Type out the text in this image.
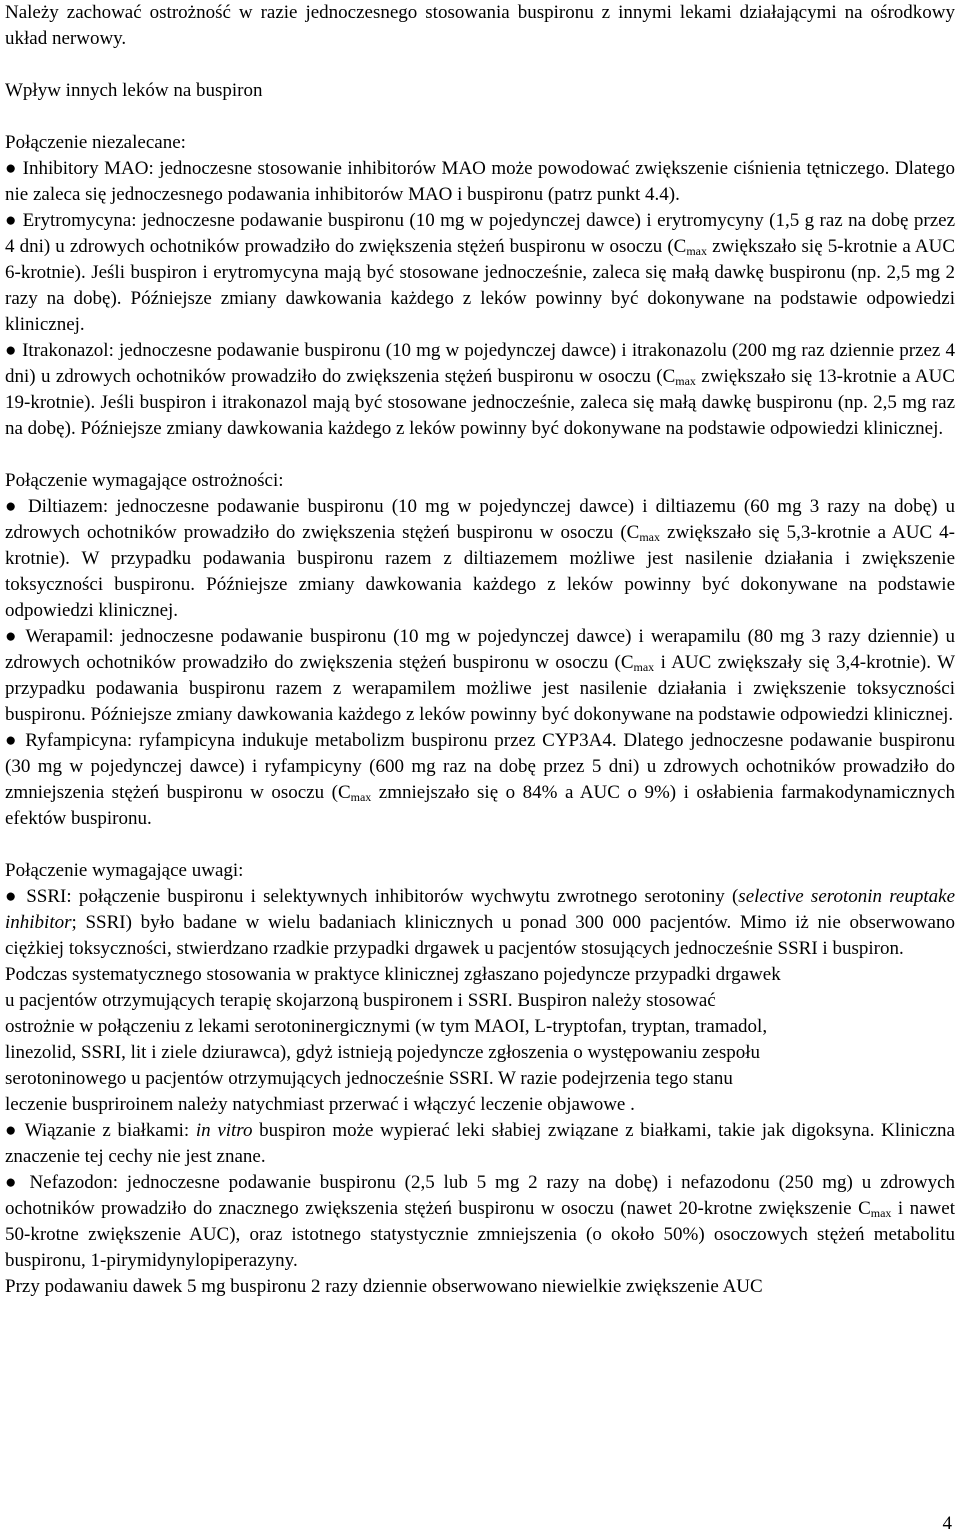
Należy zachować ostrożność w razie jednoczesnego stosowania buspironu z innymi lekami działającymi na ośrodkowy układ nerwowy.

Wpływ innych leków na buspiron

Połączenie niezalecane:

● Inhibitory MAO: jednoczesne stosowanie inhibitorów MAO może powodować zwiększenie ciśnienia tętniczego. Dlatego nie zaleca się jednoczesnego podawania inhibitorów MAO i buspironu (patrz punkt 4.4).

● Erytromycyna: jednoczesne podawanie buspironu (10 mg w pojedynczej dawce) i erytromycyny (1,5 g raz na dobę przez 4 dni) u zdrowych ochotników prowadziło do zwiększenia stężeń buspironu w osoczu ($C_{max}$ zwiększało się 5-krotnie a AUC 6-krotnie). Jeśli buspiron i erytromycyna mają być stosowane jednocześnie, zaleca się małą dawkę buspironu (np. 2,5 mg 2 razy na dobę). Późniejsze zmiany dawkowania każdego z leków powinny być dokonywane na podstawie odpowiedzi klinicznej.

● Itrakonazol: jednoczesne podawanie buspironu (10 mg w pojedynczej dawce) i itrakonazolu (200 mg raz dziennie przez 4 dni) u zdrowych ochotników prowadziło do zwiększenia stężeń buspironu w osoczu ($C_{max}$ zwiększało się 13-krotnie a AUC 19-krotnie). Jeśli buspiron i itrakonazol mają być stosowane jednocześnie, zaleca się małą dawkę buspironu (np. 2,5 mg raz na dobę). Późniejsze zmiany dawkowania każdego z leków powinny być dokonywane na podstawie odpowiedzi klinicznej.

Połączenie wymagające ostrożności:

● Diltiazem: jednoczesne podawanie buspironu (10 mg w pojedynczej dawce) i diltiazemu (60 mg 3 razy na dobę) u zdrowych ochotników prowadziło do zwiększenia stężeń buspironu w osoczu ($C_{max}$ zwiększało się 5,3-krotnie a AUC 4-krotnie). W przypadku podawania buspironu razem z diltiazemem możliwe jest nasilenie działania i zwiększenie toksyczności buspironu. Późniejsze zmiany dawkowania każdego z leków powinny być dokonywane na podstawie odpowiedzi klinicznej.

● Werapamil: jednoczesne podawanie buspironu (10 mg w pojedynczej dawce) i werapamilu (80 mg 3 razy dziennie) u zdrowych ochotników prowadziło do zwiększenia stężeń buspironu w osoczu ($C_{max}$ i AUC zwiększały się 3,4-krotnie). W przypadku podawania buspironu razem z werapamilem możliwe jest nasilenie działania i zwiększenie toksyczności buspironu. Późniejsze zmiany dawkowania każdego z leków powinny być dokonywane na podstawie odpowiedzi klinicznej.

● Ryfampicyna: ryfampicyna indukuje metabolizm buspironu przez CYP3A4. Dlatego jednoczesne podawanie buspironu (30 mg w pojedynczej dawce) i ryfampicyny (600 mg raz na dobę przez 5 dni) u zdrowych ochotników prowadziło do zmniejszenia stężeń buspironu w osoczu ($C_{max}$ zmniejszało się o 84% a AUC o 9%) i osłabienia farmakodynamicznych efektów buspironu.

Połączenie wymagające uwagi:

● SSRI: połączenie buspironu i selektywnych inhibitorów wychwytu zwrotnego serotoniny (selective serotonin reuptake inhibitor; SSRI) było badane w wielu badaniach klinicznych u ponad 300 000 pacjentów. Mimo iż nie obserwowano ciężkiej toksyczności, stwierdzano rzadkie przypadki drgawek u pacjentów stosujących jednocześnie SSRI i buspiron.

Podczas systematycznego stosowania w praktyce klinicznej zgłaszano pojedyncze przypadki drgawek

u pacjentów otrzymujących terapię skojarzoną buspironem i SSRI. Buspiron należy stosować

ostrożnie w połączeniu z lekami serotoninergicznymi (w tym MAOI, L-tryptofan, tryptan, tramadol,

linezolid, SSRI, lit i ziele dziurawca), gdyż istnieją pojedyncze zgłoszenia o występowaniu zespołu

serotoninowego u pacjentów otrzymujących jednocześnie SSRI. W razie podejrzenia tego stanu

leczenie buspriroinem należy natychmiast przerwać i włączyć leczenie objawowe .

● Wiązanie z białkami: in vitro buspiron może wypierać leki słabiej związane z białkami, takie jak digoksyna. Kliniczna znaczenie tej cechy nie jest znane.

● Nefazodon: jednoczesne podawanie buspironu (2,5 lub 5 mg 2 razy na dobę) i nefazodonu (250 mg) u zdrowych ochotników prowadziło do znacznego zwiększenia stężeń buspironu w osoczu (nawet 20-krotne zwiększenie $C_{max}$ i nawet 50-krotne zwiększenie AUC), oraz istotnego statystycznie zmniejszenia (o około 50%) osoczowych stężeń metabolitu buspironu, 1-pirymidynylopiperazyny.

Przy podawaniu dawek 5 mg buspironu 2 razy dziennie obserwowano niewielkie zwiększenie AUC

4
